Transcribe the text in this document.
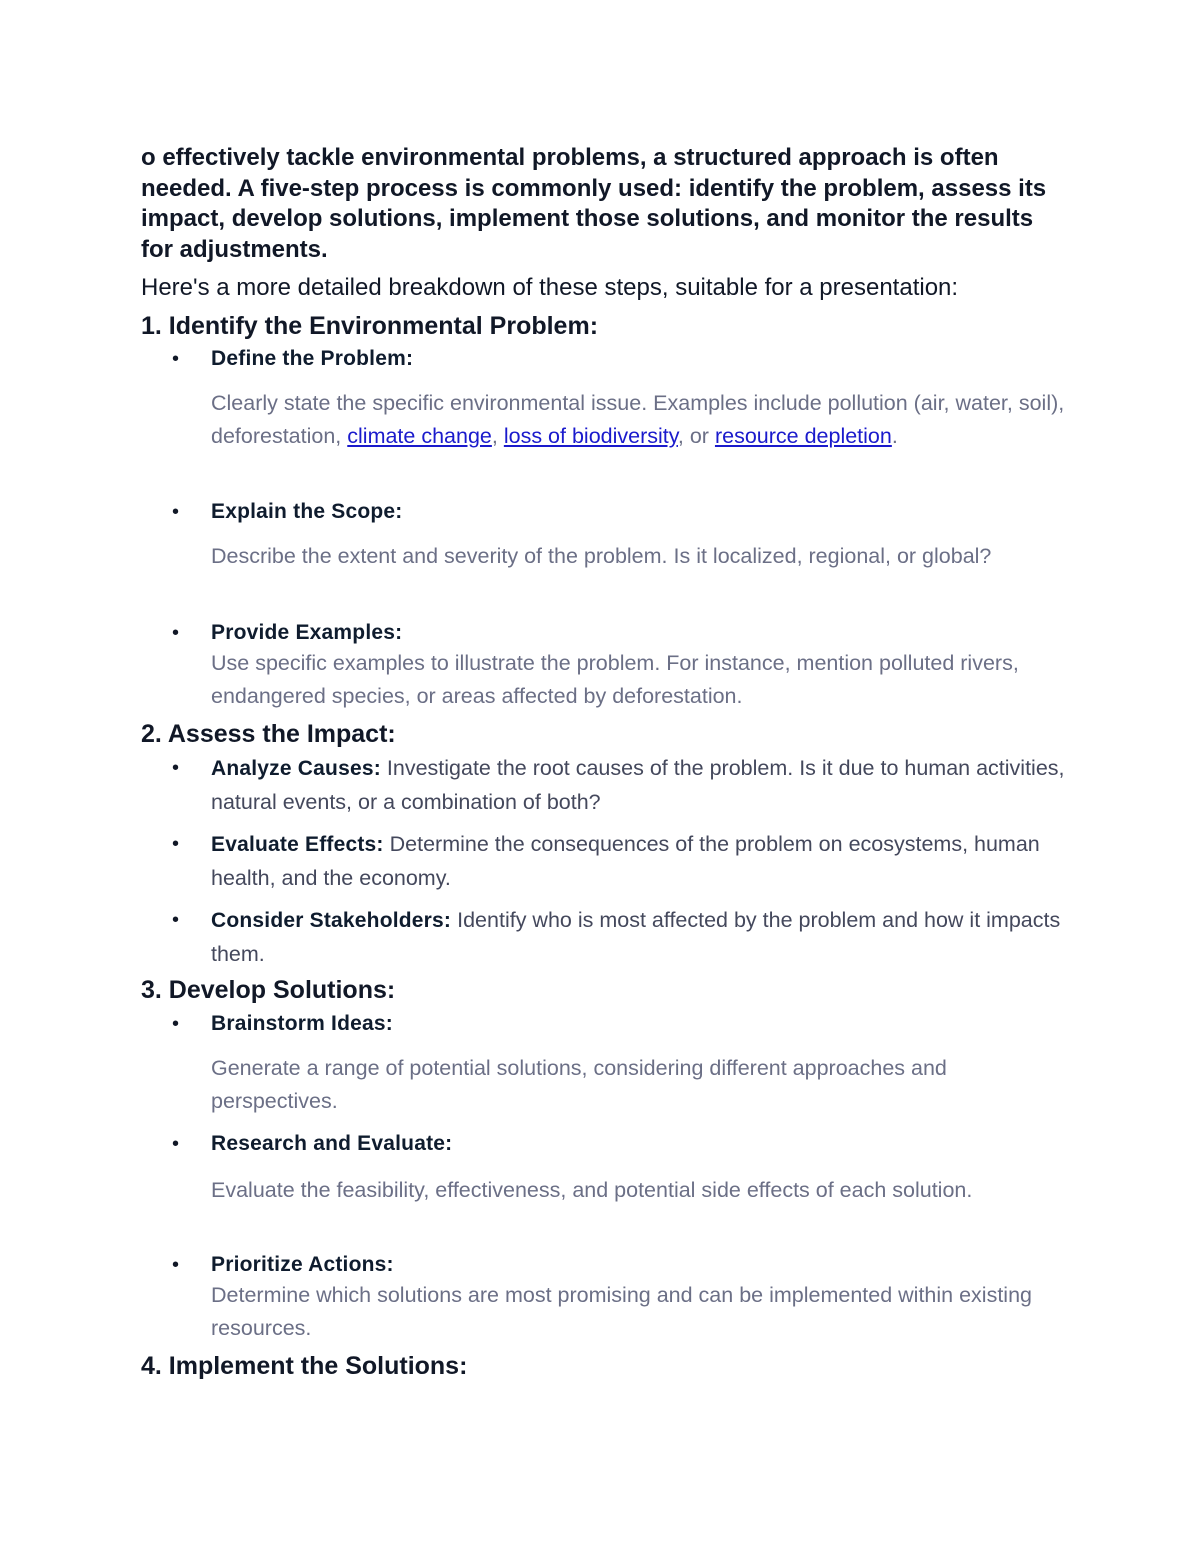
o effectively tackle environmental problems, a structured approach is often needed. A five-step process is commonly used: identify the problem, assess its impact, develop solutions, implement those solutions, and monitor the results for adjustments.

Here's a more detailed breakdown of these steps, suitable for a presentation:

1. Identify the Environmental Problem:
• Define the Problem:

Clearly state the specific environmental issue. Examples include pollution (air, water, soil), deforestation, climate change, loss of biodiversity, or resource depletion.

• Explain the Scope:

Describe the extent and severity of the problem. Is it localized, regional, or global?

• Provide Examples:

Use specific examples to illustrate the problem. For instance, mention polluted rivers, endangered species, or areas affected by deforestation.

2. Assess the Impact:
• Analyze Causes: Investigate the root causes of the problem. Is it due to human activities, natural events, or a combination of both?

• Evaluate Effects: Determine the consequences of the problem on ecosystems, human health, and the economy.

• Consider Stakeholders: Identify who is most affected by the problem and how it impacts them.

3. Develop Solutions:
• Brainstorm Ideas:

Generate a range of potential solutions, considering different approaches and perspectives.

• Research and Evaluate:

Evaluate the feasibility, effectiveness, and potential side effects of each solution.

• Prioritize Actions:

Determine which solutions are most promising and can be implemented within existing resources.

4. Implement the Solutions:
